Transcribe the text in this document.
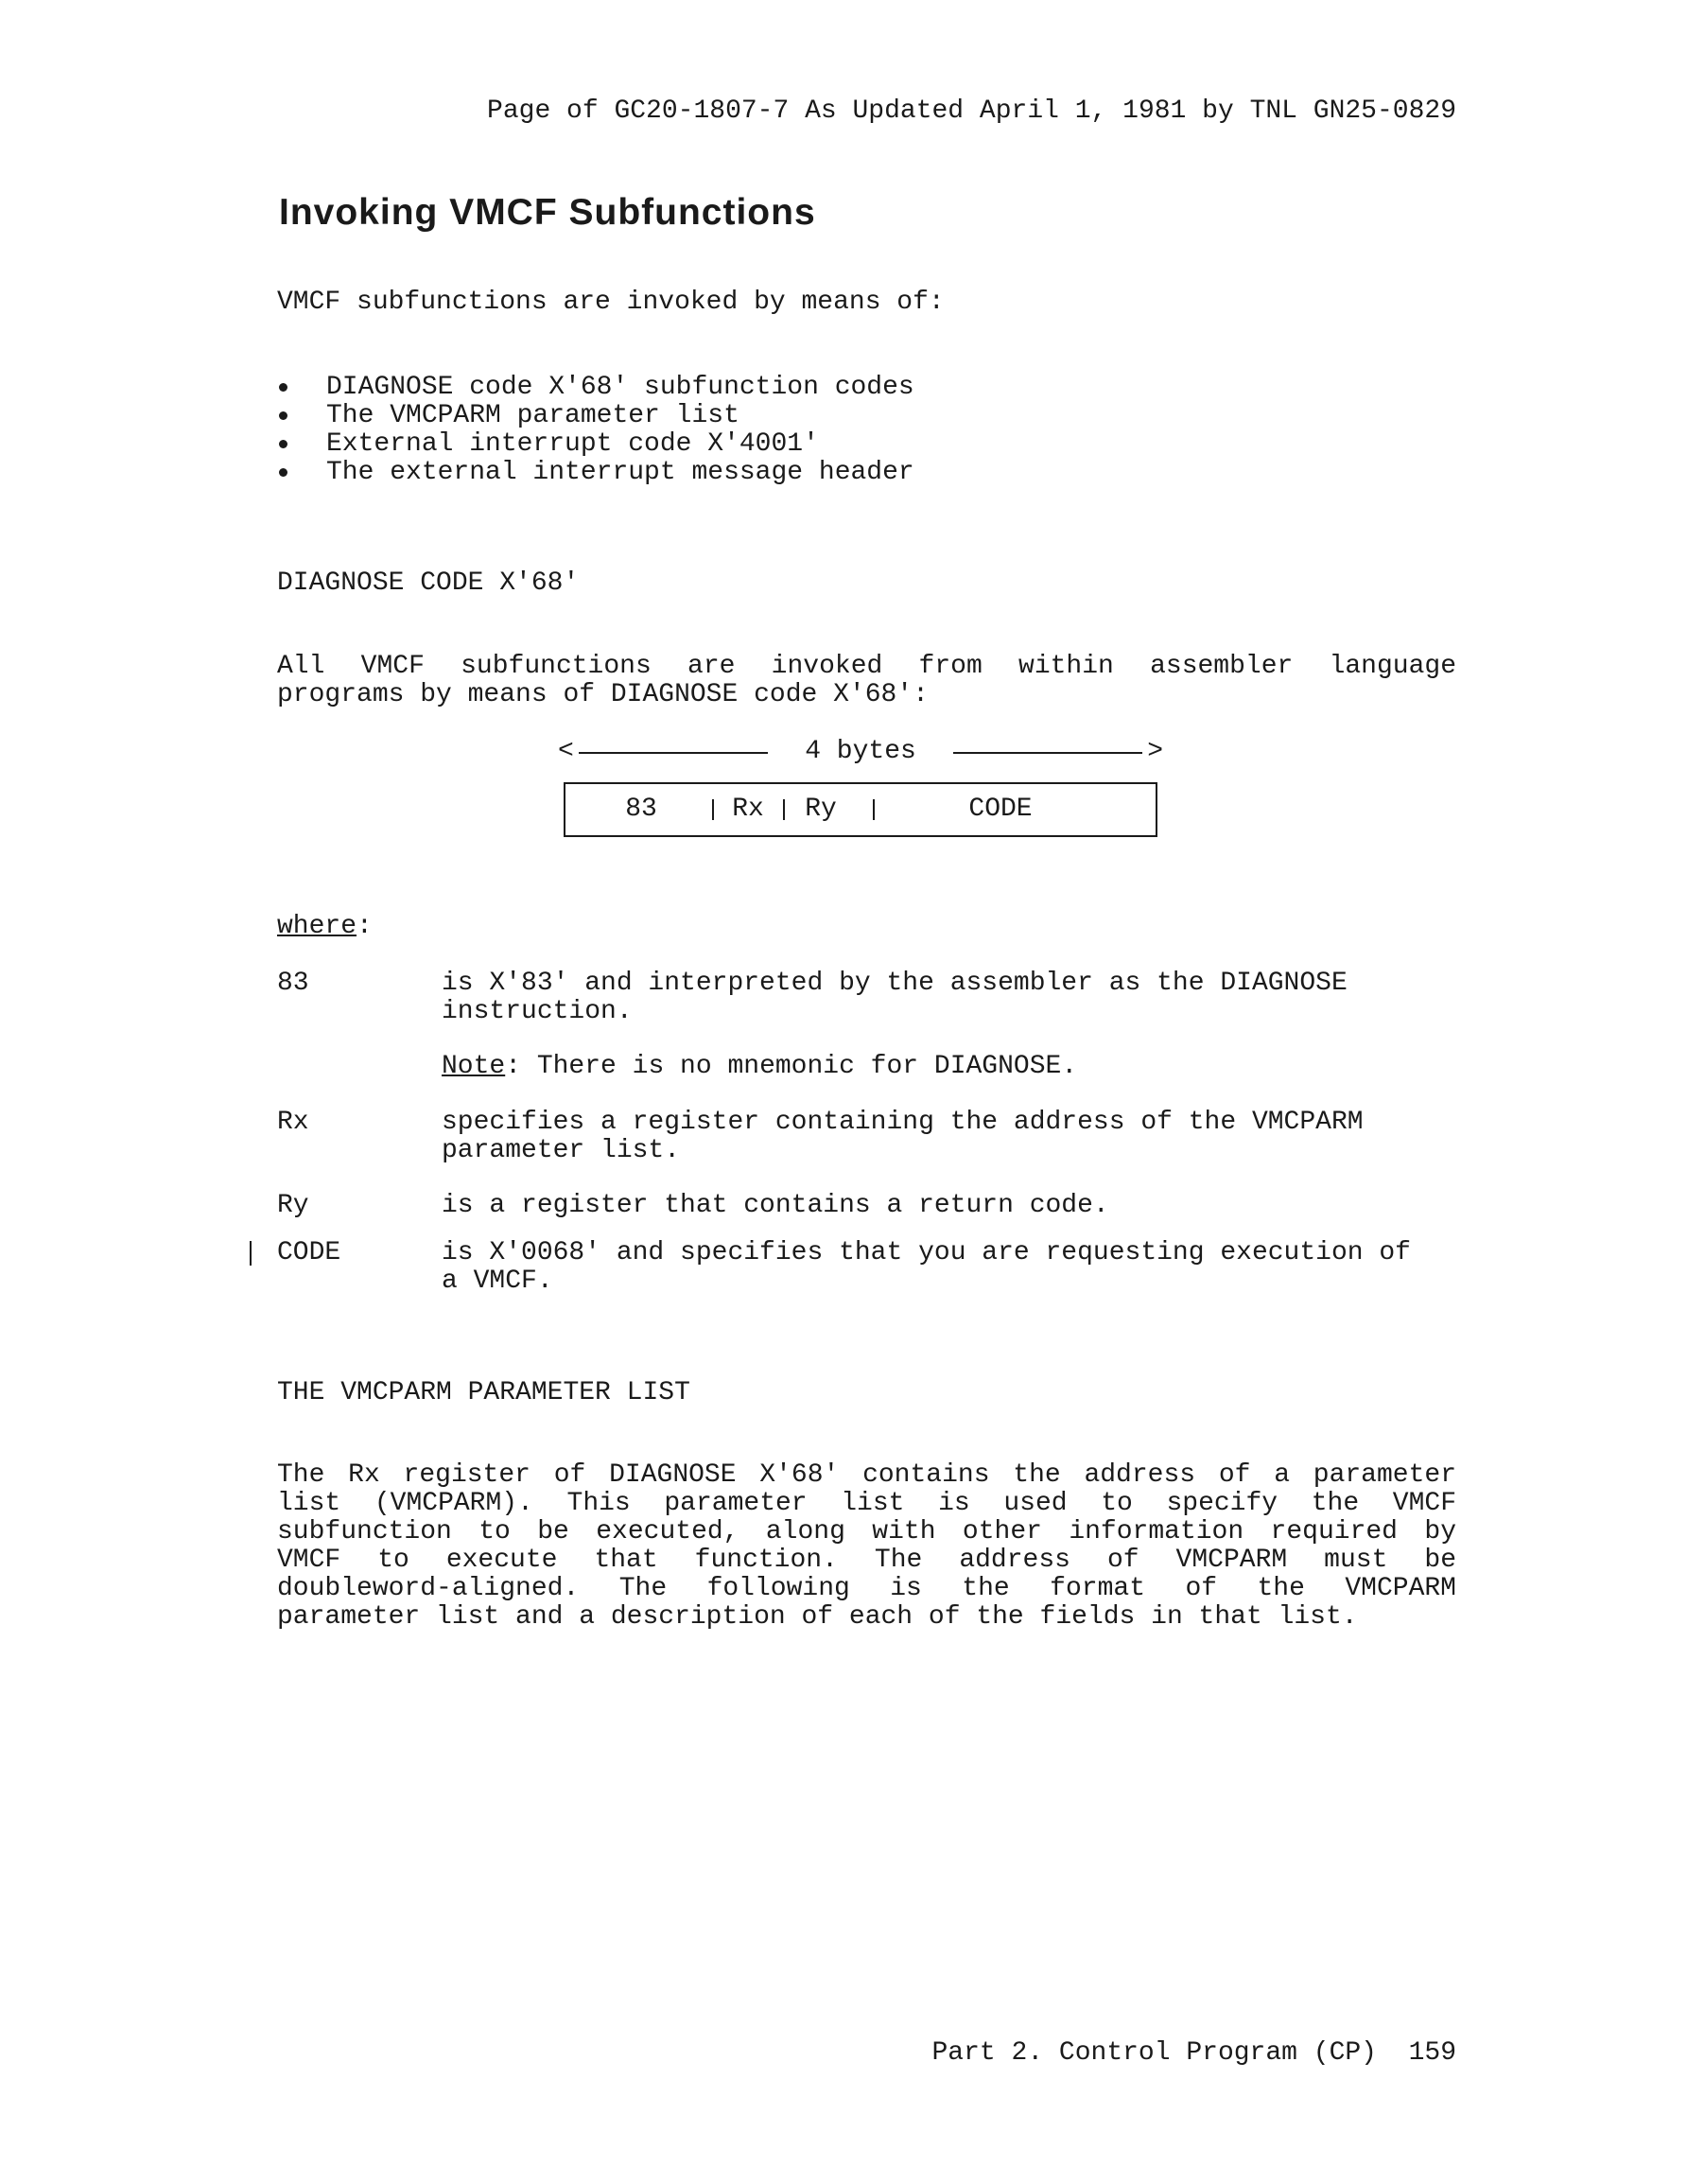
Page of GC20-1807-7 As Updated April 1, 1981 by TNL GN25-0829
Invoking VMCF Subfunctions
VMCF subfunctions are invoked by means of:
DIAGNOSE code X'68' subfunction codes
The VMCPARM parameter list
External interrupt code X'4001'
The external interrupt message header
DIAGNOSE CODE X'68'
All VMCF subfunctions are invoked from within assembler language
programs by means of DIAGNOSE code X'68':
<	4 bytes	>
83	Rx Ry	CODE
where:
83	is X'83' and interpreted by the assembler as the DIAGNOSE
instruction.
Note: There is no mnemonic for DIAGNOSE.
Rx	specifies a register containing the address of the VMCPARM
parameter list.
Ry	is a register that contains a return code.
CODE	is X'0068' and specifies that you are requesting execution of
a VMCF.
THE VMCPARM PARAMETER LIST
The Rx register of DIAGNOSE X'68' contains the address of a parameter
list (VMCPARM). This parameter list is used to specify the VMCF
subfunction to be executed, along with other information required by
VMCF to execute that function. The address of VMCPARM must be
doubleword-aligned. The following is the format of the VMCPARM
parameter list and a description of each of the fields in that list.
Part 2. Control Program (CP)  159
